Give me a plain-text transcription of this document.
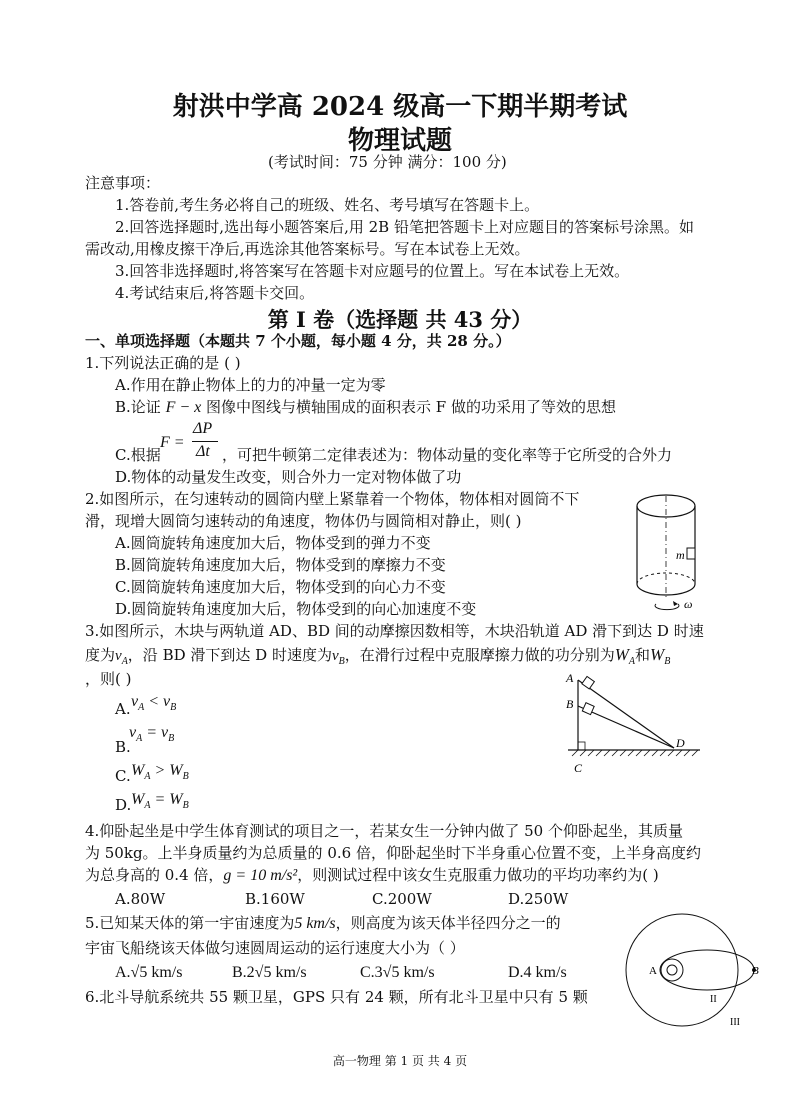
射洪中学高 2024 级高一下期半期考试
物理试题
(考试时间：75 分钟 满分：100 分)
注意事项：
1.答卷前,考生务必将自己的班级、姓名、考号填写在答题卡上。
2.回答选择题时,选出每小题答案后,用 2B 铅笔把答题卡上对应题目的答案标号涂黑。如
需改动,用橡皮擦干净后,再选涂其他答案标号。写在本试卷上无效。
3.回答非选择题时,将答案写在答题卡对应题号的位置上。写在本试卷上无效。
4.考试结束后,将答题卡交回。
第 I 卷（选择题 共 43 分）
一、单项选择题（本题共 7 个小题，每小题 4 分，共 28 分。）
1.下列说法正确的是 ( )
A.作用在静止物体上的力的冲量一定为零
B.论证 F − x 图像中图线与横轴围成的面积表示 F 做的功采用了等效的思想
F =
ΔP
Δt
C.根据	，可把牛顿第二定律表述为：物体动量的变化率等于它所受的合外力
D.物体的动量发生改变，则合外力一定对物体做了功
2.如图所示，在匀速转动的圆筒内壁上紧靠着一个物体，物体相对圆筒不下
滑，现增大圆筒匀速转动的角速度，物体仍与圆筒相对静止，则( )
A.圆筒旋转角速度加大后，物体受到的弹力不变
B.圆筒旋转角速度加大后，物体受到的摩擦力不变
C.圆筒旋转角速度加大后，物体受到的向心力不变
D.圆筒旋转角速度加大后，物体受到的向心加速度不变
m
ω
3.如图所示，木块与两轨道 AD、BD 间的动摩擦因数相等，木块沿轨道 AD 滑下到达 D 时速
度为$v_A$，沿 BD 滑下到达 D 时速度为$v_B$，在滑行过程中克服摩擦力做的功分别为$W_A$和$W_B$
，则( )
A. $v_A < v_B$
$v_A = v_B$
B.
C. $W_A > W_B$
D. $W_A = W_B$
A
B
C
D
4.仰卧起坐是中学生体育测试的项目之一，若某女生一分钟内做了 50 个仰卧起坐，其质量
为 50kg。上半身质量约为总质量的 0.6 倍，仰卧起坐时下半身重心位置不变，上半身高度约
为总身高的 0.4 倍，g = 10 m/s²，则测试过程中该女生克服重力做功的平均功率约为( )
A.80W	B.160W	C.200W	D.250W
5.已知某天体的第一宇宙速度为5 km/s，则高度为该天体半径四分之一的
宇宙飞船绕该天体做匀速圆周运动的运行速度大小为（ ）
A.√5 km/s	B.2√5 km/s	C.3√5 km/s	D.4 km/s	A	B
II
III
6.北斗导航系统共 55 颗卫星，GPS 只有 24 颗，所有北斗卫星中只有 5 颗
高一物理 第 1 页 共 4 页
